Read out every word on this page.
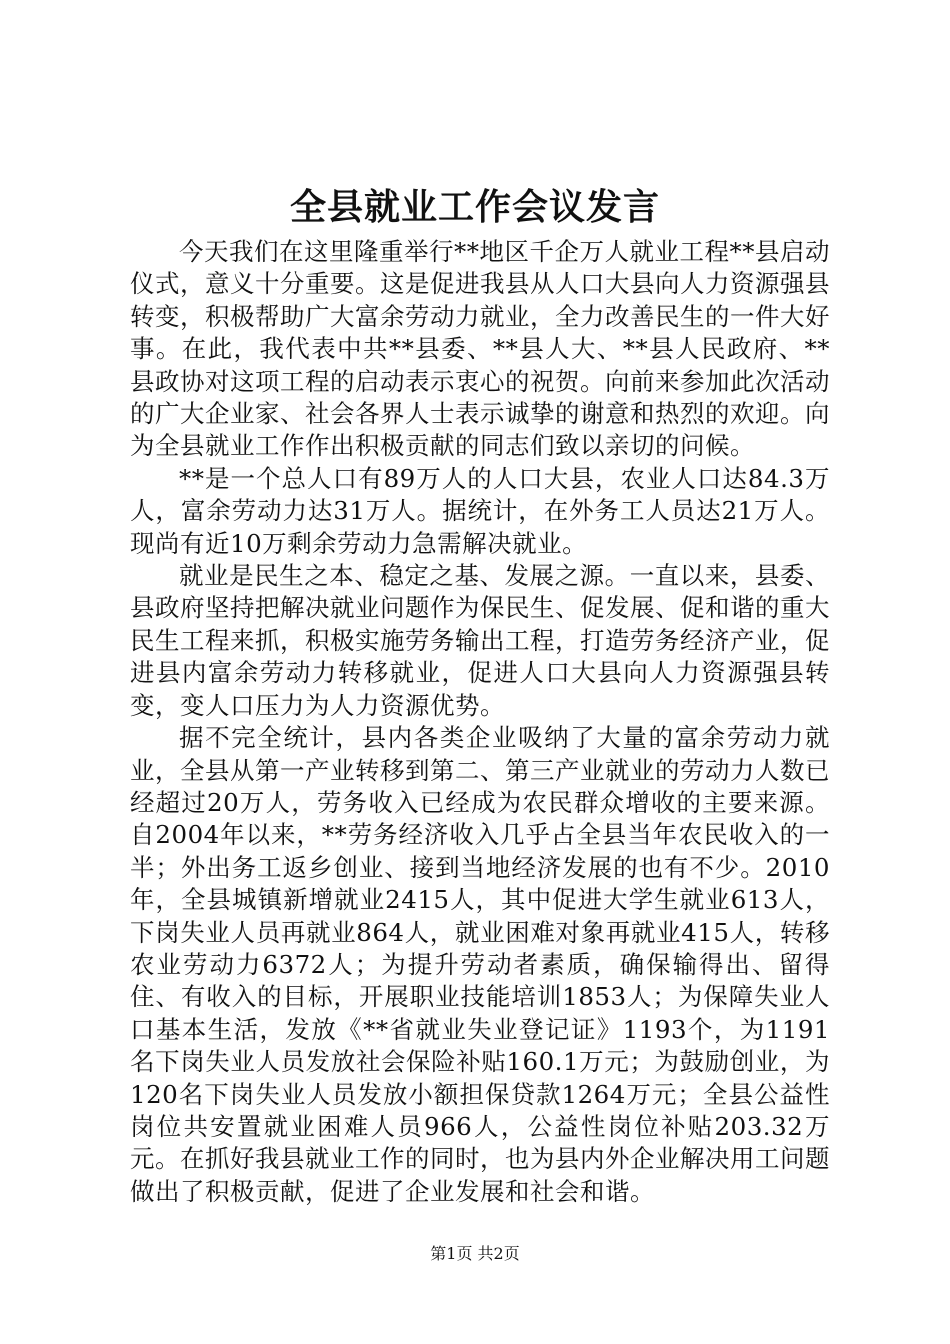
全县就业工作会议发言

今天我们在这里隆重举行**地区千企万人就业工程**县启动仪式，意义十分重要。这是促进我县从人口大县向人力资源强县转变，积极帮助广大富余劳动力就业，全力改善民生的一件大好事。在此，我代表中共**县委、**县人大、**县人民政府、**县政协对这项工程的启动表示衷心的祝贺。向前来参加此次活动的广大企业家、社会各界人士表示诚挚的谢意和热烈的欢迎。向为全县就业工作作出积极贡献的同志们致以亲切的问候。

**是一个总人口有89万人的人口大县，农业人口达84.3万人，富余劳动力达31万人。据统计，在外务工人员达21万人。现尚有近10万剩余劳动力急需解决就业。

就业是民生之本、稳定之基、发展之源。一直以来，县委、县政府坚持把解决就业问题作为保民生、促发展、促和谐的重大民生工程来抓，积极实施劳务输出工程，打造劳务经济产业，促进县内富余劳动力转移就业，促进人口大县向人力资源强县转变，变人口压力为人力资源优势。

据不完全统计，县内各类企业吸纳了大量的富余劳动力就业，全县从第一产业转移到第二、第三产业就业的劳动力人数已经超过20万人，劳务收入已经成为农民群众增收的主要来源。自2004年以来，**劳务经济收入几乎占全县当年农民收入的一半；外出务工返乡创业、接到当地经济发展的也有不少。2010年，全县城镇新增就业2415人，其中促进大学生就业613人，下岗失业人员再就业864人，就业困难对象再就业415人，转移农业劳动力6372人；为提升劳动者素质，确保输得出、留得住、有收入的目标，开展职业技能培训1853人；为保障失业人口基本生活，发放《**省就业失业登记证》1193个，为1191名下岗失业人员发放社会保险补贴160.1万元；为鼓励创业，为120名下岗失业人员发放小额担保贷款1264万元；全县公益性岗位共安置就业困难人员966人，公益性岗位补贴203.32万元。在抓好我县就业工作的同时，也为县内外企业解决用工问题做出了积极贡献，促进了企业发展和社会和谐。

第1页 共2页
